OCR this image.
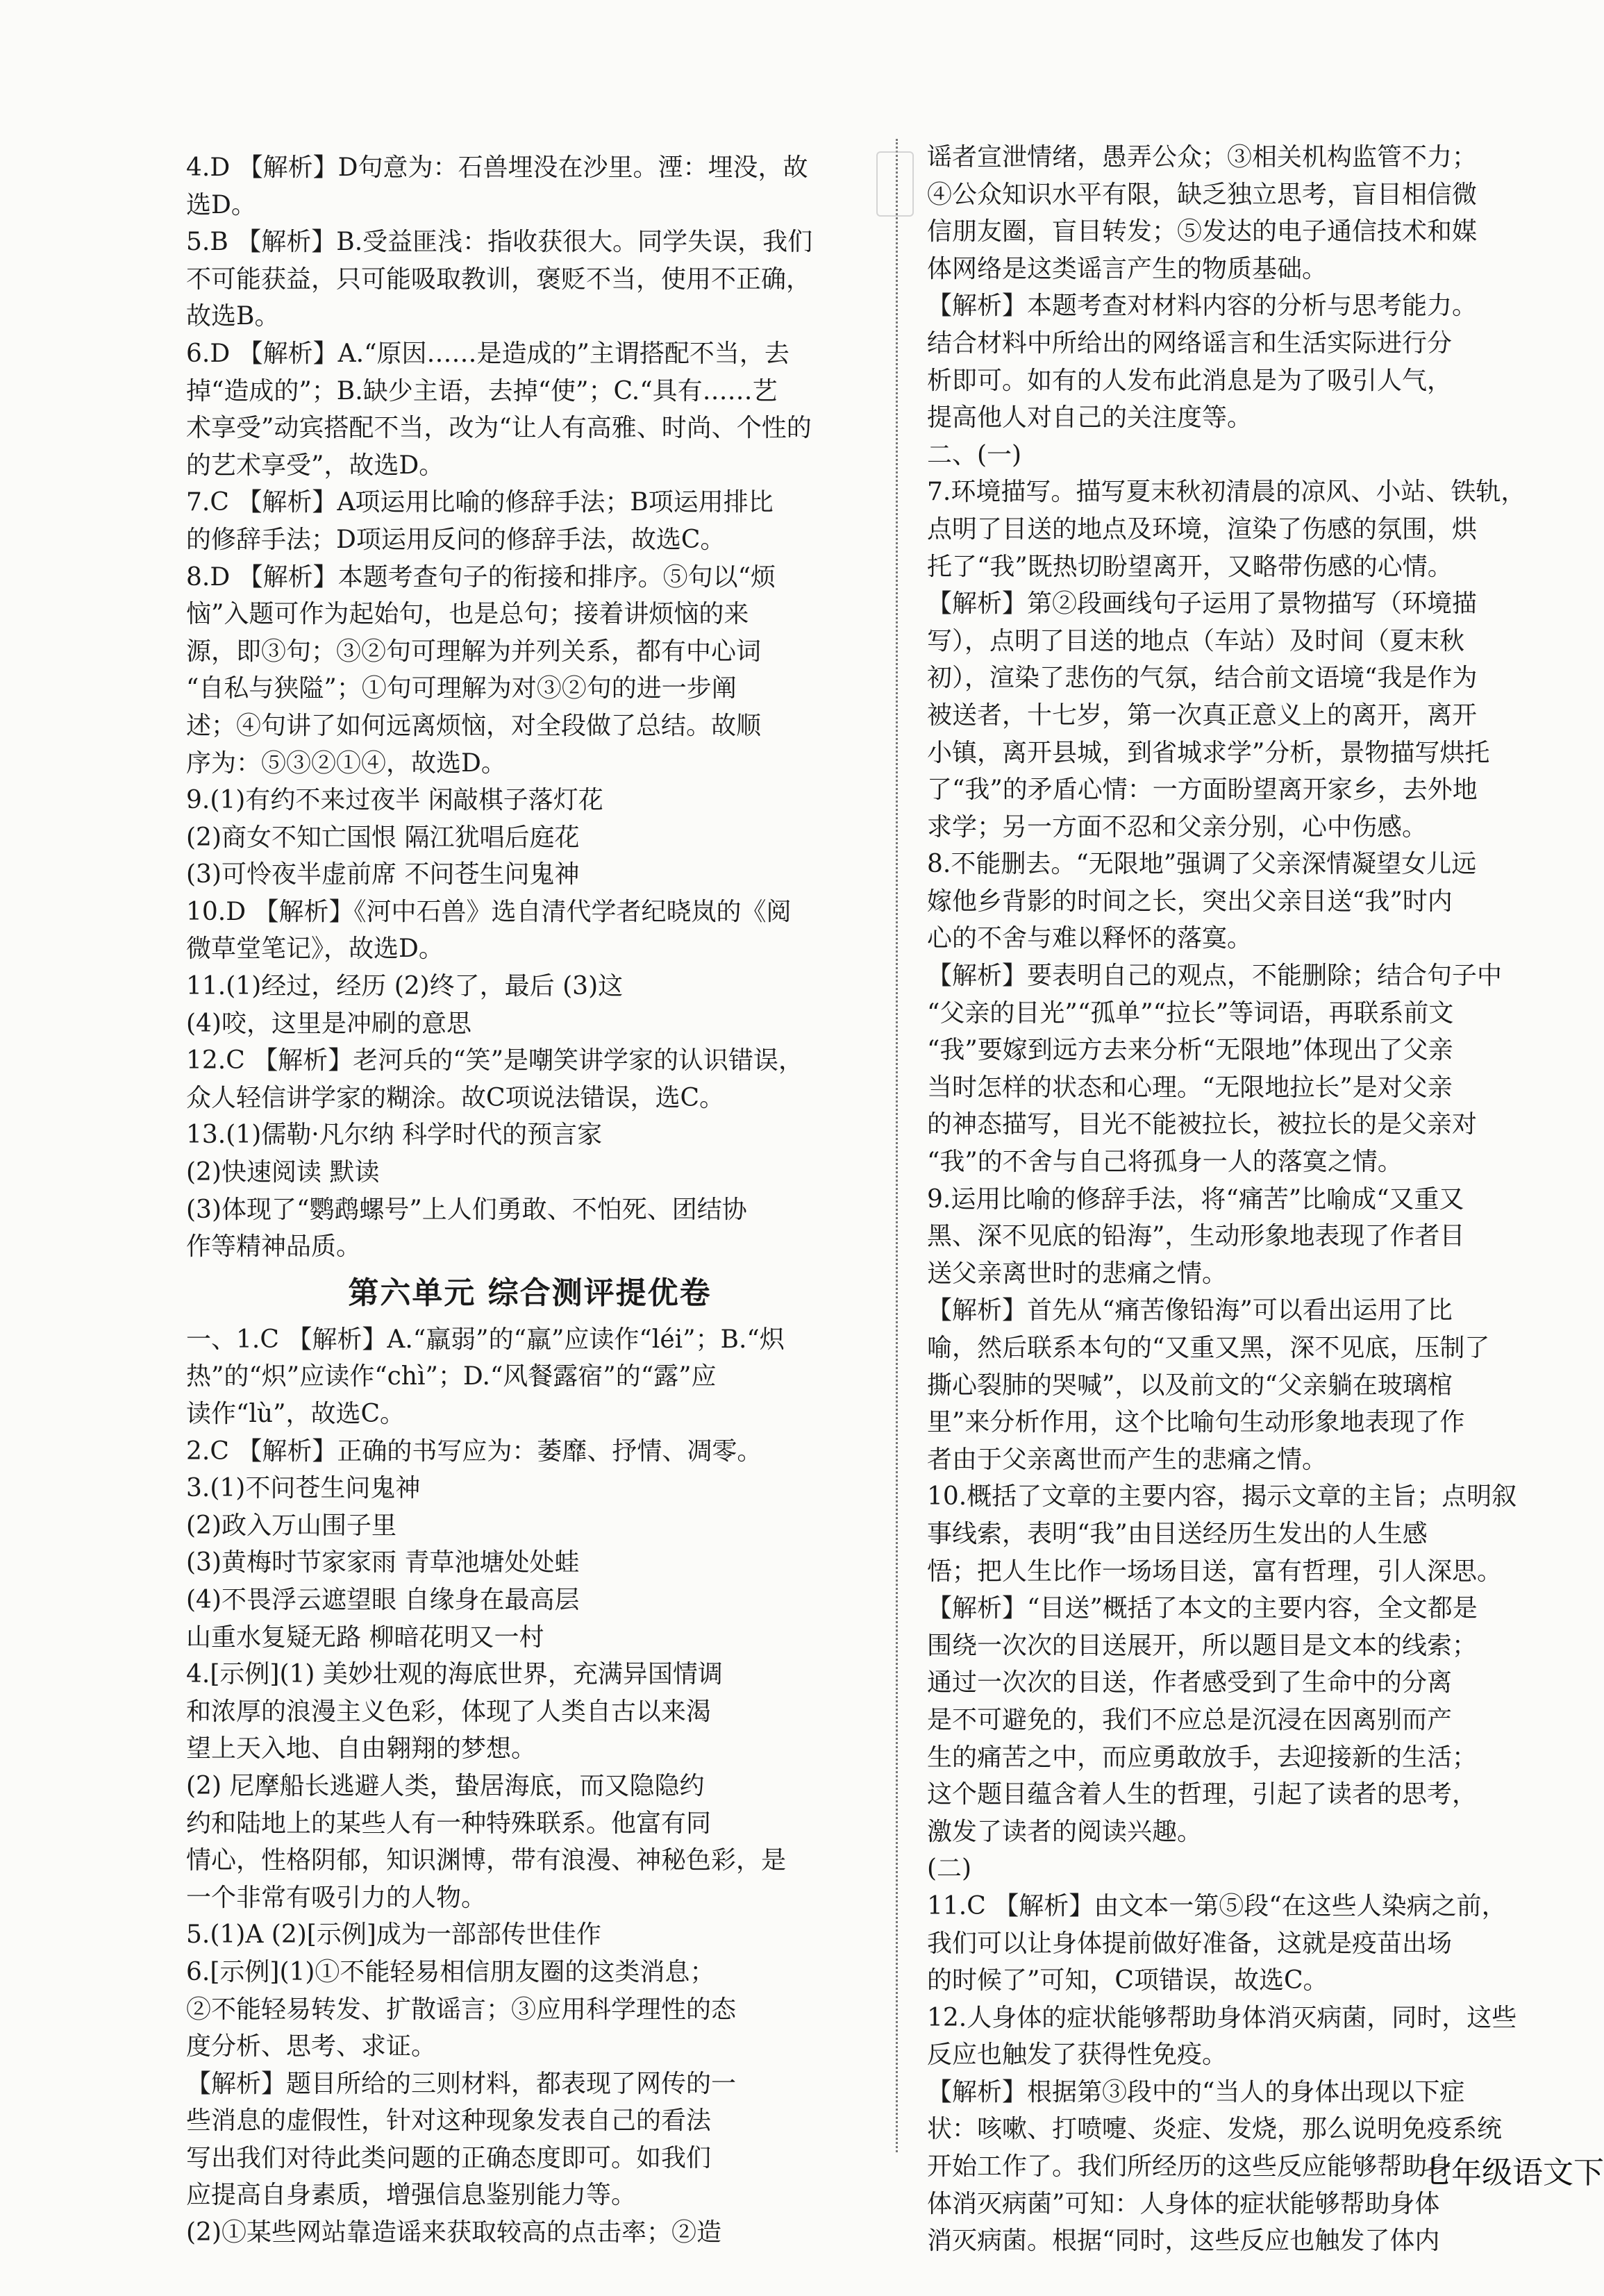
4.D 【解析】D句意为：石兽埋没在沙里。湮：埋没，故
选D。
5.B 【解析】B.受益匪浅：指收获很大。同学失误，我们
不可能获益，只可能吸取教训，褒贬不当，使用不正确，
故选B。
6.D 【解析】A.“原因……是造成的”主谓搭配不当，去
掉“造成的”；B.缺少主语，去掉“使”；C.“具有……艺
术享受”动宾搭配不当，改为“让人有高雅、时尚、个性的
的艺术享受”，故选D。
7.C 【解析】A项运用比喻的修辞手法；B项运用排比
的修辞手法；D项运用反问的修辞手法，故选C。
8.D 【解析】本题考查句子的衔接和排序。⑤句以“烦
恼”入题可作为起始句，也是总句；接着讲烦恼的来
源，即③句；③②句可理解为并列关系，都有中心词
“自私与狭隘”；①句可理解为对③②句的进一步阐
述；④句讲了如何远离烦恼，对全段做了总结。故顺
序为：⑤③②①④，故选D。
9.(1)有约不来过夜半 闲敲棋子落灯花
(2)商女不知亡国恨 隔江犹唱后庭花
(3)可怜夜半虚前席 不问苍生问鬼神
10.D 【解析】《河中石兽》选自清代学者纪晓岚的《阅
微草堂笔记》，故选D。
11.(1)经过，经历 (2)终了，最后 (3)这
(4)咬，这里是冲刷的意思
12.C 【解析】老河兵的“笑”是嘲笑讲学家的认识错误，
众人轻信讲学家的糊涂。故C项说法错误，选C。
13.(1)儒勒·凡尔纳 科学时代的预言家
(2)快速阅读 默读
(3)体现了“鹦鹉螺号”上人们勇敢、不怕死、团结协
作等精神品质。
第六单元 综合测评提优卷
一、1.C 【解析】A.“羸弱”的“羸”应读作“léi”；B.“炽
热”的“炽”应读作“chì”；D.“风餐露宿”的“露”应
读作“lù”，故选C。
2.C 【解析】正确的书写应为：萎靡、抒情、凋零。
3.(1)不问苍生问鬼神
(2)政入万山围子里
(3)黄梅时节家家雨 青草池塘处处蛙
(4)不畏浮云遮望眼 自缘身在最高层
山重水复疑无路 柳暗花明又一村
4.[示例](1) 美妙壮观的海底世界，充满异国情调
和浓厚的浪漫主义色彩，体现了人类自古以来渴
望上天入地、自由翱翔的梦想。
(2) 尼摩船长逃避人类，蛰居海底，而又隐隐约
约和陆地上的某些人有一种特殊联系。他富有同
情心，性格阴郁，知识渊博，带有浪漫、神秘色彩，是
一个非常有吸引力的人物。
5.(1)A (2)[示例]成为一部部传世佳作
6.[示例](1)①不能轻易相信朋友圈的这类消息；
②不能轻易转发、扩散谣言；③应用科学理性的态
度分析、思考、求证。
【解析】题目所给的三则材料，都表现了网传的一
些消息的虚假性，针对这种现象发表自己的看法
写出我们对待此类问题的正确态度即可。如我们
应提高自身素质，增强信息鉴别能力等。
(2)①某些网站靠造谣来获取较高的点击率；②造
谣者宣泄情绪，愚弄公众；③相关机构监管不力；
④公众知识水平有限，缺乏独立思考，盲目相信微
信朋友圈，盲目转发；⑤发达的电子通信技术和媒
体网络是这类谣言产生的物质基础。
【解析】本题考查对材料内容的分析与思考能力。
结合材料中所给出的网络谣言和生活实际进行分
析即可。如有的人发布此消息是为了吸引人气，
提高他人对自己的关注度等。
二、(一)
7.环境描写。描写夏末秋初清晨的凉风、小站、铁轨，
点明了目送的地点及环境，渲染了伤感的氛围，烘
托了“我”既热切盼望离开，又略带伤感的心情。
【解析】第②段画线句子运用了景物描写（环境描
写），点明了目送的地点（车站）及时间（夏末秋
初），渲染了悲伤的气氛，结合前文语境“我是作为
被送者，十七岁，第一次真正意义上的离开，离开
小镇，离开县城，到省城求学”分析，景物描写烘托
了“我”的矛盾心情：一方面盼望离开家乡，去外地
求学；另一方面不忍和父亲分别，心中伤感。
8.不能删去。“无限地”强调了父亲深情凝望女儿远
嫁他乡背影的时间之长，突出父亲目送“我”时内
心的不舍与难以释怀的落寞。
【解析】要表明自己的观点，不能删除；结合句子中
“父亲的目光”“孤单”“拉长”等词语，再联系前文
“我”要嫁到远方去来分析“无限地”体现出了父亲
当时怎样的状态和心理。“无限地拉长”是对父亲
的神态描写，目光不能被拉长，被拉长的是父亲对
“我”的不舍与自己将孤身一人的落寞之情。
9.运用比喻的修辞手法，将“痛苦”比喻成“又重又
黑、深不见底的铅海”，生动形象地表现了作者目
送父亲离世时的悲痛之情。
【解析】首先从“痛苦像铅海”可以看出运用了比
喻，然后联系本句的“又重又黑，深不见底，压制了
撕心裂肺的哭喊”，以及前文的“父亲躺在玻璃棺
里”来分析作用，这个比喻句生动形象地表现了作
者由于父亲离世而产生的悲痛之情。
10.概括了文章的主要内容，揭示文章的主旨；点明叙
事线索，表明“我”由目送经历生发出的人生感
悟；把人生比作一场场目送，富有哲理，引人深思。
【解析】“目送”概括了本文的主要内容，全文都是
围绕一次次的目送展开，所以题目是文本的线索；
通过一次次的目送，作者感受到了生命中的分离
是不可避免的，我们不应总是沉浸在因离别而产
生的痛苦之中，而应勇敢放手，去迎接新的生活；
这个题目蕴含着人生的哲理，引起了读者的思考，
激发了读者的阅读兴趣。
(二)
11.C 【解析】由文本一第⑤段“在这些人染病之前，
我们可以让身体提前做好准备，这就是疫苗出场
的时候了”可知，C项错误，故选C。
12.人身体的症状能够帮助身体消灭病菌，同时，这些
反应也触发了获得性免疫。
【解析】根据第③段中的“当人的身体出现以下症
状：咳嗽、打喷嚏、炎症、发烧，那么说明免疫系统
开始工作了。我们所经历的这些反应能够帮助身
体消灭病菌”可知：人身体的症状能够帮助身体
消灭病菌。根据“同时，这些反应也触发了体内
七年级语文下
